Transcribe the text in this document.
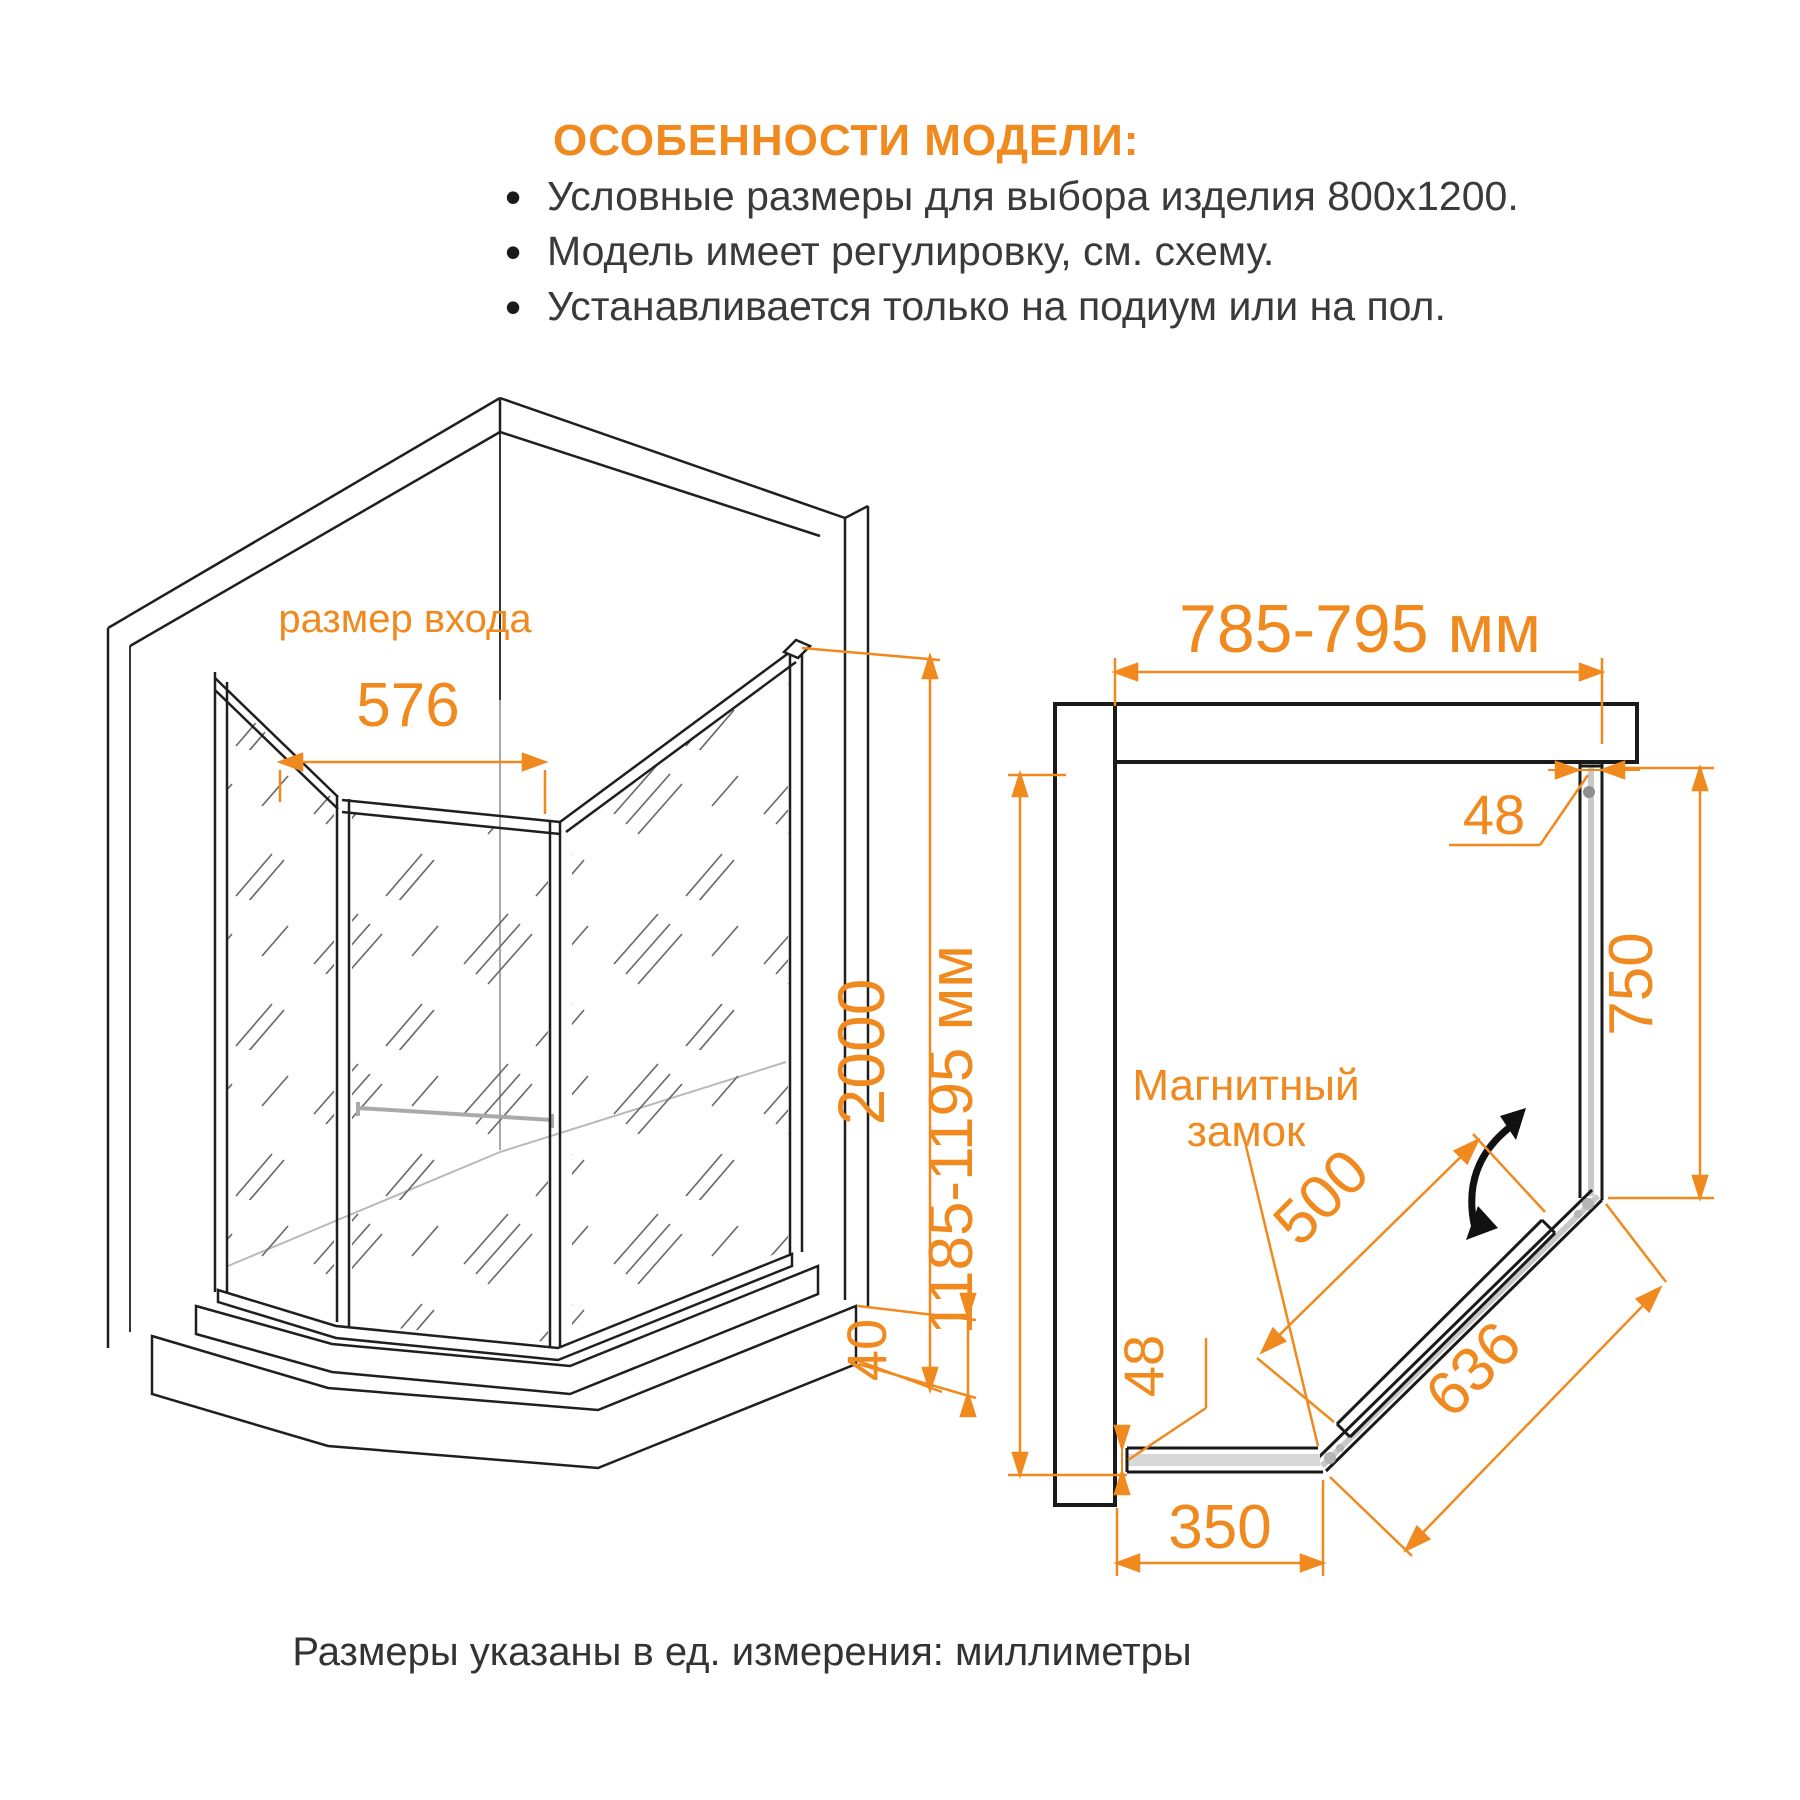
ОСОБЕННОСТИ МОДЕЛИ:
• Условные размеры для выбора изделия 800х1200.
• Модель имеет регулировку, см. схему.
• Устанавливается только на подиум или на пол.
размер входа
576
2000
40
785-795 мм
1185-1195 мм
48
750
Магнитный
замок
500
636
48
350
Размеры указаны в ед. измерения: миллиметры
